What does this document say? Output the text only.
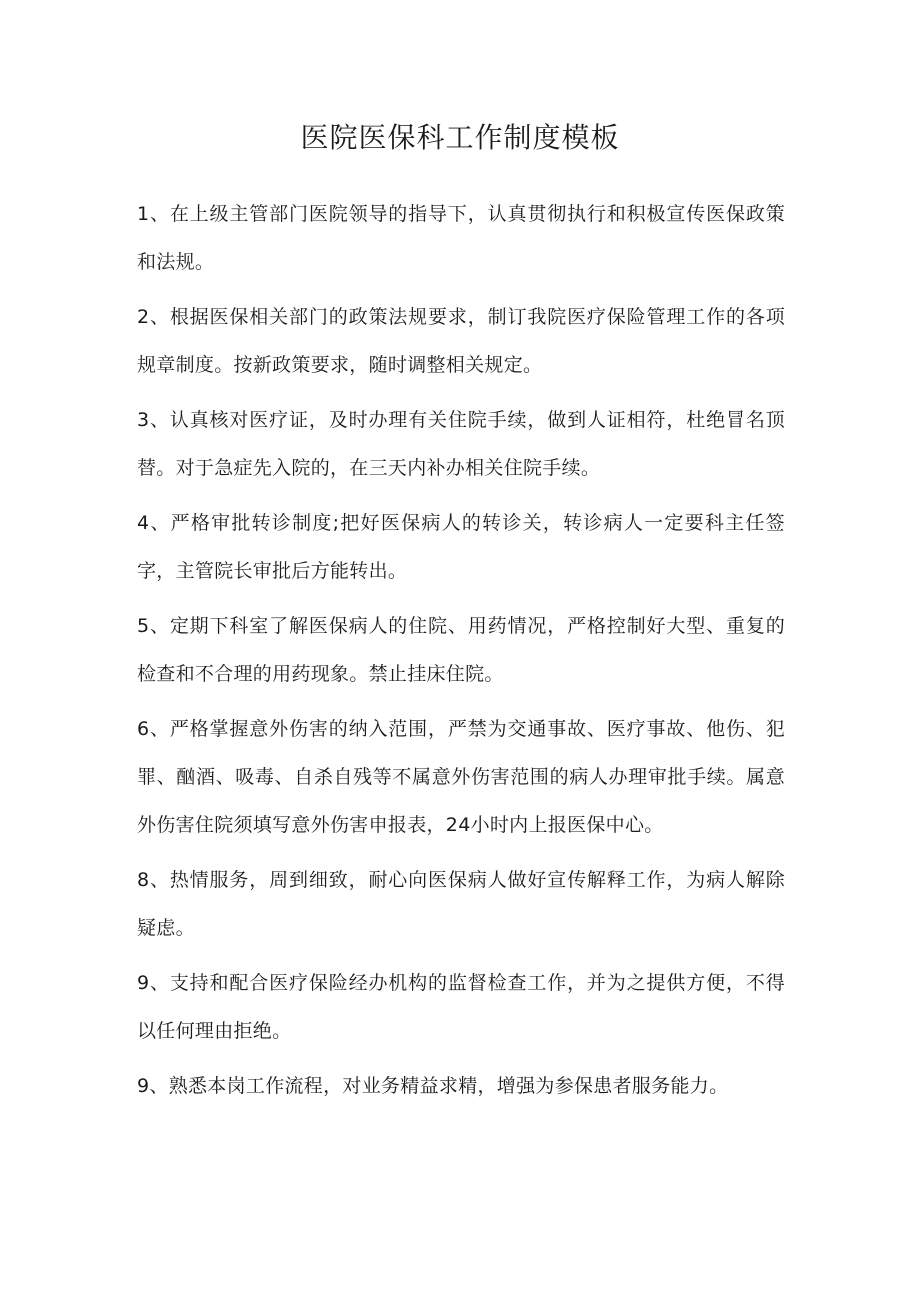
医院医保科工作制度模板

1、在上级主管部门医院领导的指导下，认真贯彻执行和积极宣传医保政策和法规。

2、根据医保相关部门的政策法规要求，制订我院医疗保险管理工作的各项规章制度。按新政策要求，随时调整相关规定。

3、认真核对医疗证，及时办理有关住院手续，做到人证相符，杜绝冒名顶替。对于急症先入院的，在三天内补办相关住院手续。

4、严格审批转诊制度;把好医保病人的转诊关，转诊病人一定要科主任签字，主管院长审批后方能转出。

5、定期下科室了解医保病人的住院、用药情况，严格控制好大型、重复的检查和不合理的用药现象。禁止挂床住院。

6、严格掌握意外伤害的纳入范围，严禁为交通事故、医疗事故、他伤、犯罪、酗酒、吸毒、自杀自残等不属意外伤害范围的病人办理审批手续。属意外伤害住院须填写意外伤害申报表，24小时内上报医保中心。

8、热情服务，周到细致，耐心向医保病人做好宣传解释工作，为病人解除疑虑。

9、支持和配合医疗保险经办机构的监督检查工作，并为之提供方便，不得以任何理由拒绝。

9、熟悉本岗工作流程，对业务精益求精，增强为参保患者服务能力。
